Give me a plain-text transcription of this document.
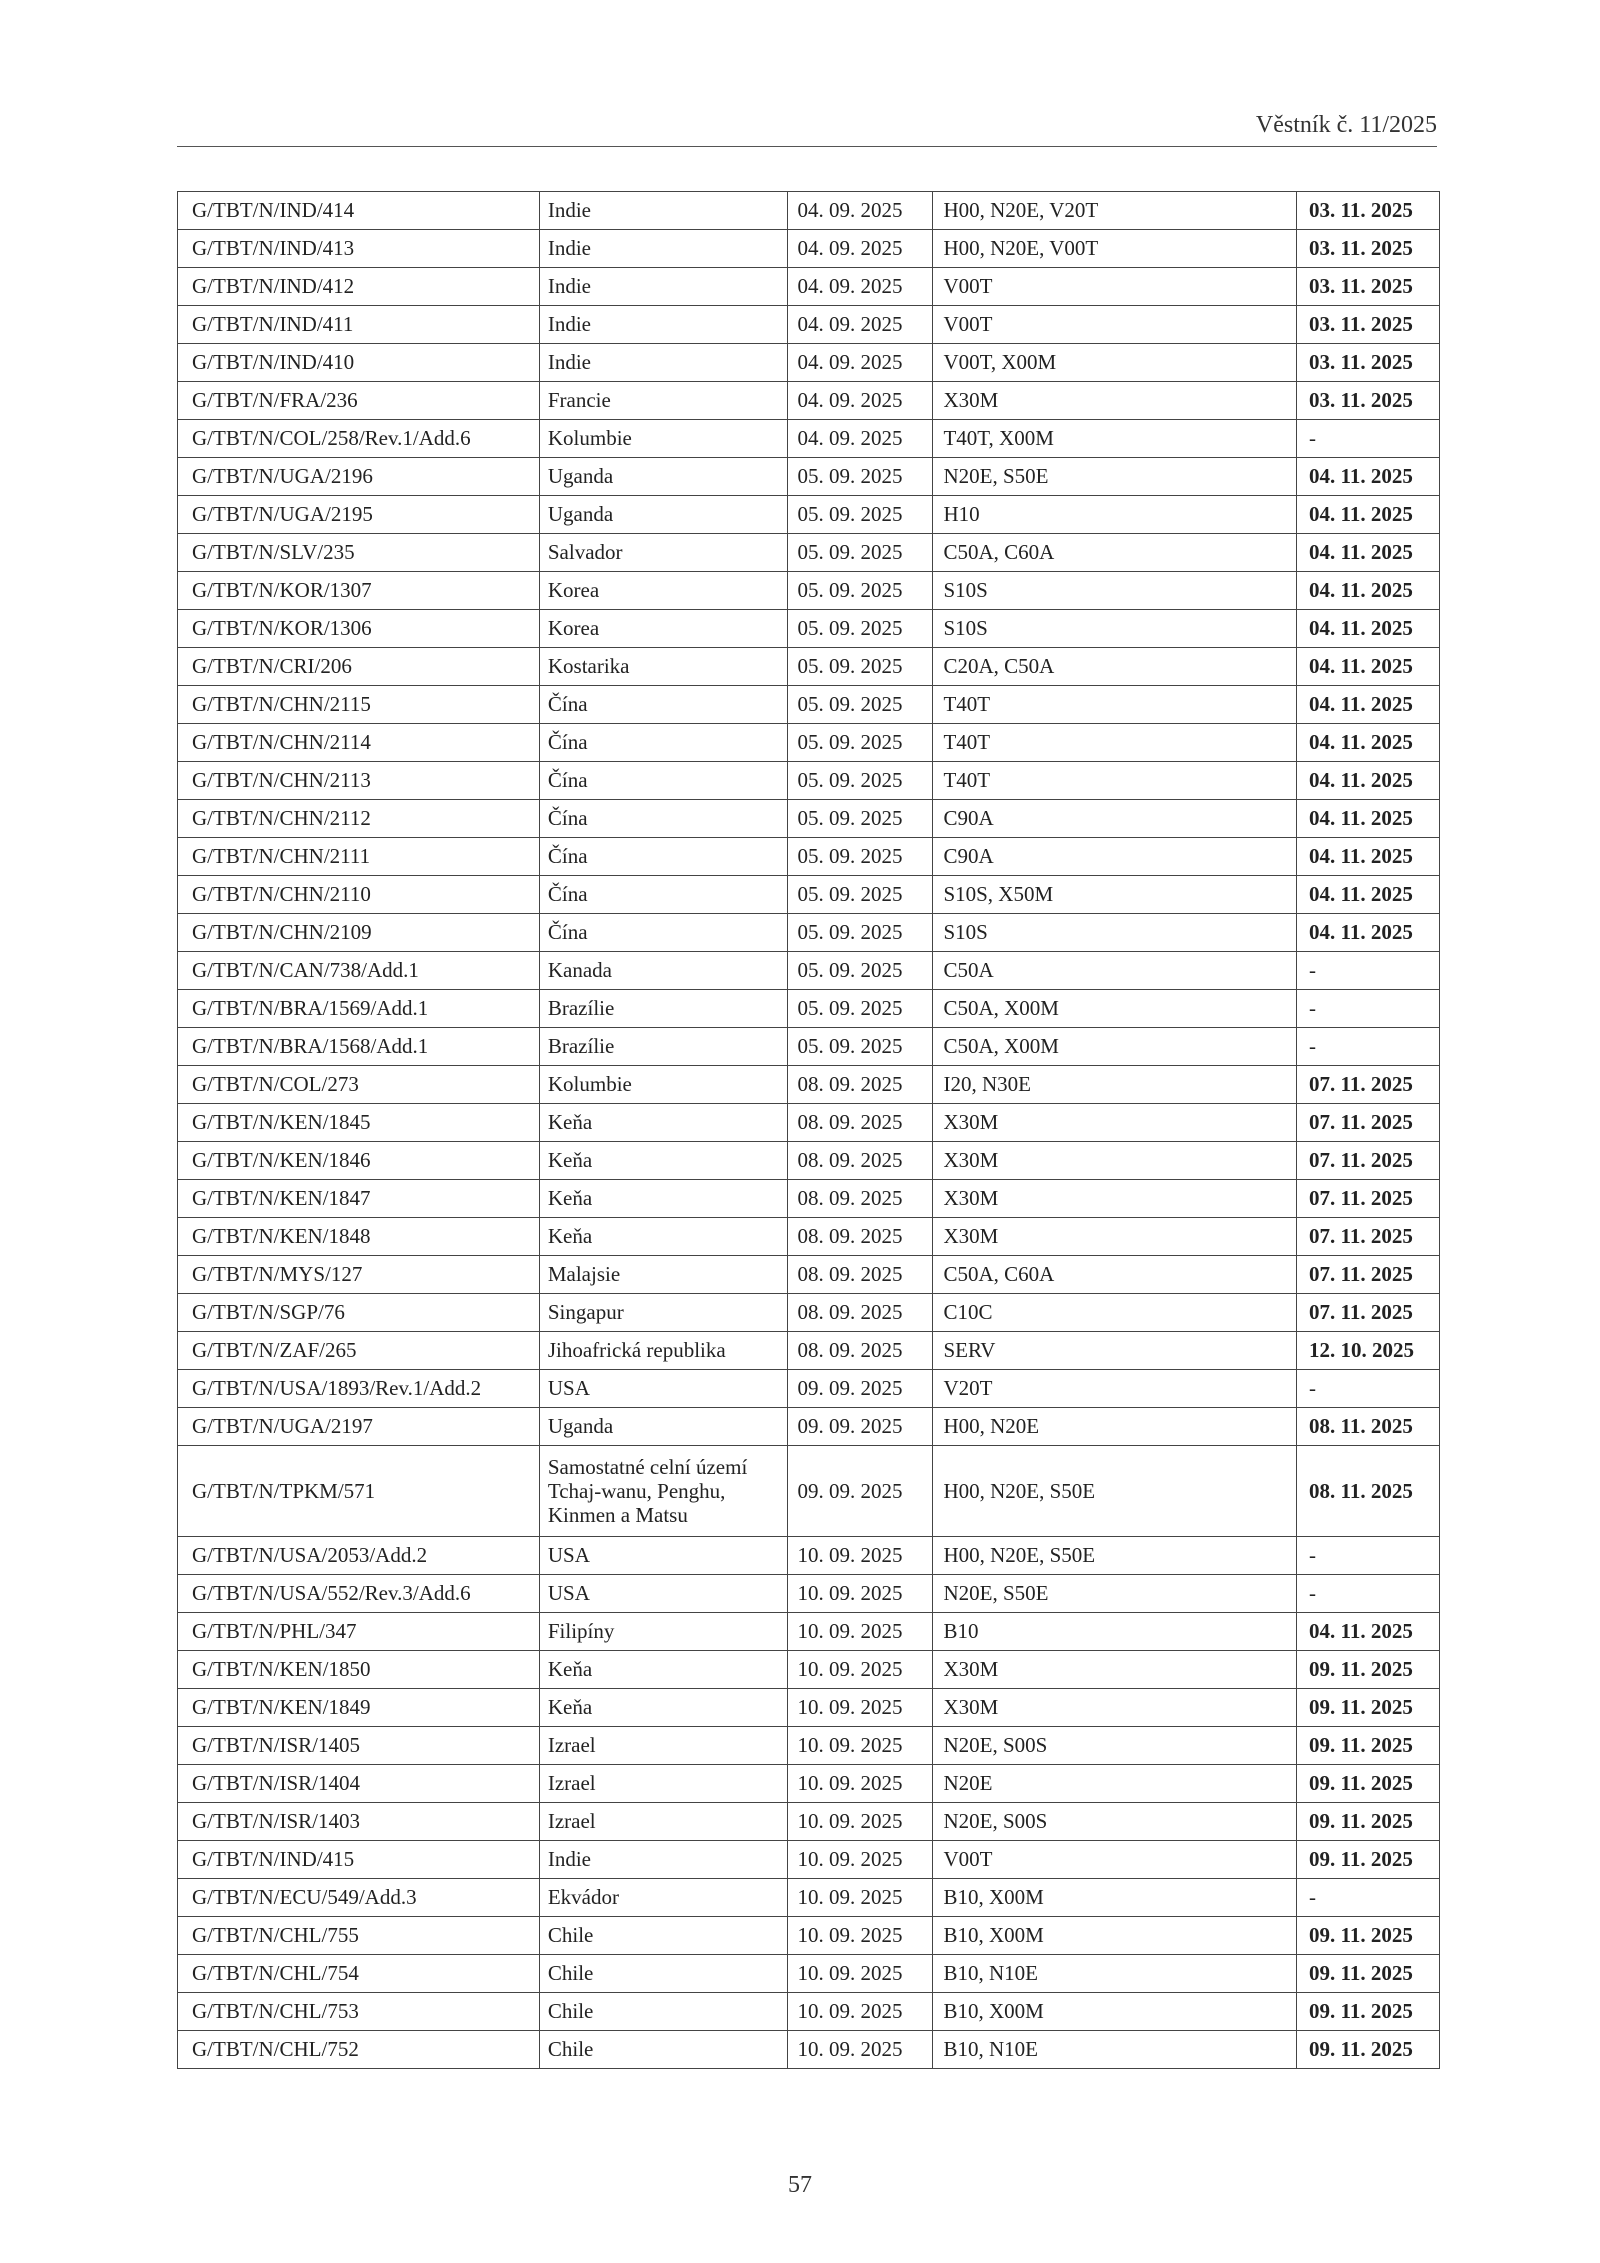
Věstník č. 11/2025
G/TBT/N/IND/414	Indie	04. 09. 2025	H00, N20E, V20T	03. 11. 2025
G/TBT/N/IND/413	Indie	04. 09. 2025	H00, N20E, V00T	03. 11. 2025
G/TBT/N/IND/412	Indie	04. 09. 2025	V00T	03. 11. 2025
G/TBT/N/IND/411	Indie	04. 09. 2025	V00T	03. 11. 2025
G/TBT/N/IND/410	Indie	04. 09. 2025	V00T, X00M	03. 11. 2025
G/TBT/N/FRA/236	Francie	04. 09. 2025	X30M	03. 11. 2025
G/TBT/N/COL/258/Rev.1/Add.6	Kolumbie	04. 09. 2025	T40T, X00M	-
G/TBT/N/UGA/2196	Uganda	05. 09. 2025	N20E, S50E	04. 11. 2025
G/TBT/N/UGA/2195	Uganda	05. 09. 2025	H10	04. 11. 2025
G/TBT/N/SLV/235	Salvador	05. 09. 2025	C50A, C60A	04. 11. 2025
G/TBT/N/KOR/1307	Korea	05. 09. 2025	S10S	04. 11. 2025
G/TBT/N/KOR/1306	Korea	05. 09. 2025	S10S	04. 11. 2025
G/TBT/N/CRI/206	Kostarika	05. 09. 2025	C20A, C50A	04. 11. 2025
G/TBT/N/CHN/2115	Čína	05. 09. 2025	T40T	04. 11. 2025
G/TBT/N/CHN/2114	Čína	05. 09. 2025	T40T	04. 11. 2025
G/TBT/N/CHN/2113	Čína	05. 09. 2025	T40T	04. 11. 2025
G/TBT/N/CHN/2112	Čína	05. 09. 2025	C90A	04. 11. 2025
G/TBT/N/CHN/2111	Čína	05. 09. 2025	C90A	04. 11. 2025
G/TBT/N/CHN/2110	Čína	05. 09. 2025	S10S, X50M	04. 11. 2025
G/TBT/N/CHN/2109	Čína	05. 09. 2025	S10S	04. 11. 2025
G/TBT/N/CAN/738/Add.1	Kanada	05. 09. 2025	C50A	-
G/TBT/N/BRA/1569/Add.1	Brazílie	05. 09. 2025	C50A, X00M	-
G/TBT/N/BRA/1568/Add.1	Brazílie	05. 09. 2025	C50A, X00M	-
G/TBT/N/COL/273	Kolumbie	08. 09. 2025	I20, N30E	07. 11. 2025
G/TBT/N/KEN/1845	Keňa	08. 09. 2025	X30M	07. 11. 2025
G/TBT/N/KEN/1846	Keňa	08. 09. 2025	X30M	07. 11. 2025
G/TBT/N/KEN/1847	Keňa	08. 09. 2025	X30M	07. 11. 2025
G/TBT/N/KEN/1848	Keňa	08. 09. 2025	X30M	07. 11. 2025
G/TBT/N/MYS/127	Malajsie	08. 09. 2025	C50A, C60A	07. 11. 2025
G/TBT/N/SGP/76	Singapur	08. 09. 2025	C10C	07. 11. 2025
G/TBT/N/ZAF/265	Jihoafrická republika	08. 09. 2025	SERV	12. 10. 2025
G/TBT/N/USA/1893/Rev.1/Add.2	USA	09. 09. 2025	V20T	-
G/TBT/N/UGA/2197	Uganda	09. 09. 2025	H00, N20E	08. 11. 2025
G/TBT/N/TPKM/571	Samostatné celní území Tchaj-wanu, Penghu, Kinmen a Matsu	09. 09. 2025	H00, N20E, S50E	08. 11. 2025
G/TBT/N/USA/2053/Add.2	USA	10. 09. 2025	H00, N20E, S50E	-
G/TBT/N/USA/552/Rev.3/Add.6	USA	10. 09. 2025	N20E, S50E	-
G/TBT/N/PHL/347	Filipíny	10. 09. 2025	B10	04. 11. 2025
G/TBT/N/KEN/1850	Keňa	10. 09. 2025	X30M	09. 11. 2025
G/TBT/N/KEN/1849	Keňa	10. 09. 2025	X30M	09. 11. 2025
G/TBT/N/ISR/1405	Izrael	10. 09. 2025	N20E, S00S	09. 11. 2025
G/TBT/N/ISR/1404	Izrael	10. 09. 2025	N20E	09. 11. 2025
G/TBT/N/ISR/1403	Izrael	10. 09. 2025	N20E, S00S	09. 11. 2025
G/TBT/N/IND/415	Indie	10. 09. 2025	V00T	09. 11. 2025
G/TBT/N/ECU/549/Add.3	Ekvádor	10. 09. 2025	B10, X00M	-
G/TBT/N/CHL/755	Chile	10. 09. 2025	B10, X00M	09. 11. 2025
G/TBT/N/CHL/754	Chile	10. 09. 2025	B10, N10E	09. 11. 2025
G/TBT/N/CHL/753	Chile	10. 09. 2025	B10, X00M	09. 11. 2025
G/TBT/N/CHL/752	Chile	10. 09. 2025	B10, N10E	09. 11. 2025
57
